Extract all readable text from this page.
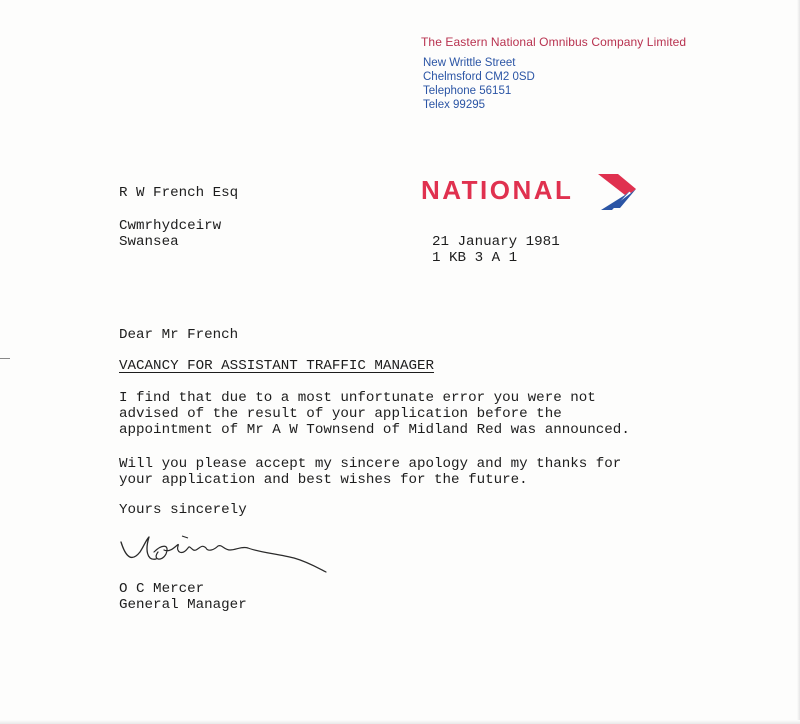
The Eastern National Omnibus Company Limited
New Writtle Street
Chelmsford CM2 0SD
Telephone 56151
Telex 99295
NATIONAL
R W French Esq
Cwmrhydceirw
Swansea	21 January 1981
1 KB 3 A 1
Dear Mr French
VACANCY FOR ASSISTANT TRAFFIC MANAGER
I find that due to a most unfortunate error you were not
advised of the result of your application before the
appointment of Mr A W Townsend of Midland Red was announced.
Will you please accept my sincere apology and my thanks for
your application and best wishes for the future.
Yours sincerely
O C Mercer
General Manager
